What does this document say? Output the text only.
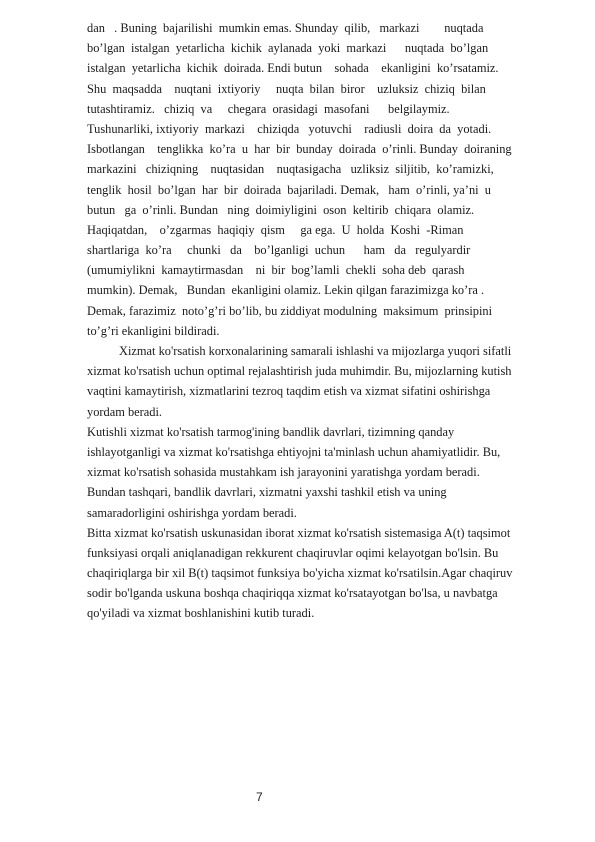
dan   . Buning  bajarilishi  mumkin emas. Shunday  qilib,   markazi        nuqtada
bo’lgan  istalgan  yetarlicha  kichik  aylanada  yoki  markazi      nuqtada  bo’lgan
istalgan  yetarlicha  kichik  doirada. Endi butun    sohada    ekanligini  ko’rsatamiz.
Shu  maqsadda    nuqtani  ixtiyoriy     nuqta  bilan  biror    uzluksiz  chiziq  bilan
tutashtiramiz.   chiziq  va     chegara  orasidagi  masofani      belgilaymiz.
Tushunarliki, ixtiyoriy  markazi    chiziqda   yotuvchi    radiusli  doira  da  yotadi.
Isbotlangan    tenglikka  ko’ra  u  har  bir  bunday  doirada  o’rinli. Bunday  doiraning
markazini   chiziqning    nuqtasidan    nuqtasigacha   uzliksiz  siljitib,  ko’ramizki,
tenglik  hosil  bo’lgan  har  bir  doirada  bajariladi. Demak,   ham  o’rinli, ya’ni  u
butun   ga  o’rinli. Bundan   ning  doimiyligini  oson  keltirib  chiqara  olamiz.
Haqiqatdan,    o’zgarmas  haqiqiy  qism     ga ega.  U  holda  Koshi  -Riman
shartlariga  ko’ra     chunki   da    bo’lganligi  uchun      ham   da   regulyardir
(umumiylikni  kamaytirmasdan    ni  bir  bog’lamli  chekli  soha deb  qarash
mumkin). Demak,   Bundan  ekanligini olamiz. Lekin qilgan farazimizga ko’ra .
Demak, farazimiz  noto’g’ri bo’lib, bu ziddiyat modulning  maksimum  prinsipini
to’g’ri ekanligini bildiradi.
Xizmat ko'rsatish korxonalarining samarali ishlashi va mijozlarga yuqori sifatli
xizmat ko'rsatish uchun optimal rejalashtirish juda muhimdir. Bu, mijozlarning kutish
vaqtini kamaytirish, xizmatlarini tezroq taqdim etish va xizmat sifatini oshirishga
yordam beradi.
Kutishli xizmat ko'rsatish tarmog'ining bandlik davrlari, tizimning qanday
ishlayotganligi va xizmat ko'rsatishga ehtiyojni ta'minlash uchun ahamiyatlidir. Bu,
xizmat ko'rsatish sohasida mustahkam ish jarayonini yaratishga yordam beradi.
Bundan tashqari, bandlik davrlari, xizmatni yaxshi tashkil etish va uning
samaradorligini oshirishga yordam beradi.
Bitta xizmat ko'rsatish uskunasidan iborat xizmat ko'rsatish sistemasiga A(t) taqsimot
funksiyasi orqali aniqlanadigan rekkurent chaqiruvlar oqimi kelayotgan bo'lsin. Bu
chaqiriqlarga bir xil B(t) taqsimot funksiya bo'yicha xizmat ko'rsatilsin.Agar chaqiruv
sodir bo'lganda uskuna boshqa chaqiriqqa xizmat ko'rsatayotgan bo'lsa, u navbatga
qo'yiladi va xizmat boshlanishini kutib turadi.
7
